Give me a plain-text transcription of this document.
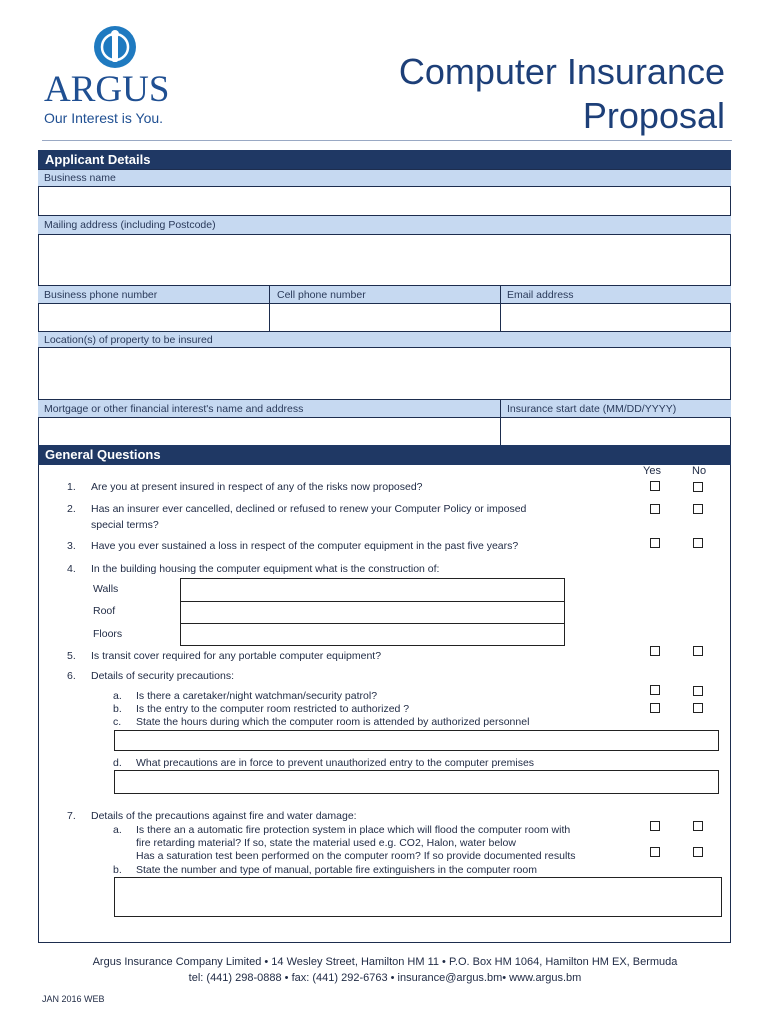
ARGUS
Our Interest is You.
Computer Insurance
Proposal
Applicant Details
Business name
Mailing address (including Postcode)
Business phone number	Cell phone number	Email address
Location(s) of property to be insured
Mortgage or other financial interest's name and address	Insurance start date (MM/DD/YYYY)
General Questions
Yes	No
1. Are you at present insured in respect of any of the risks now proposed?
2. Has an insurer ever cancelled, declined or refused to renew your Computer Policy or imposed
special terms?
3. Have you ever sustained a loss in respect of the computer equipment in the past five years?
4. In the building housing the computer equipment what is the construction of:
Walls
Roof
Floors
5. Is transit cover required for any portable computer equipment?
6. Details of security precautions:
a. Is there a caretaker/night watchman/security patrol?
b. Is the entry to the computer room restricted to authorized ?
c. State the hours during which the computer room is attended by authorized personnel
d. What precautions are in force to prevent unauthorized entry to the computer premises
7. Details of the precautions against fire and water damage:
a. Is there an a automatic fire protection system in place which will flood the computer room with
fire retarding material? If so, state the material used e.g. CO2, Halon, water below
Has a saturation test been performed on the computer room? If so provide documented results
b. State the number and type of manual, portable fire extinguishers in the computer room
Argus Insurance Company Limited • 14 Wesley Street, Hamilton HM 11 • P.O. Box HM 1064, Hamilton HM EX, Bermuda
tel: (441) 298-0888 • fax: (441) 292-6763 • insurance@argus.bm• www.argus.bm
JAN 2016 WEB
